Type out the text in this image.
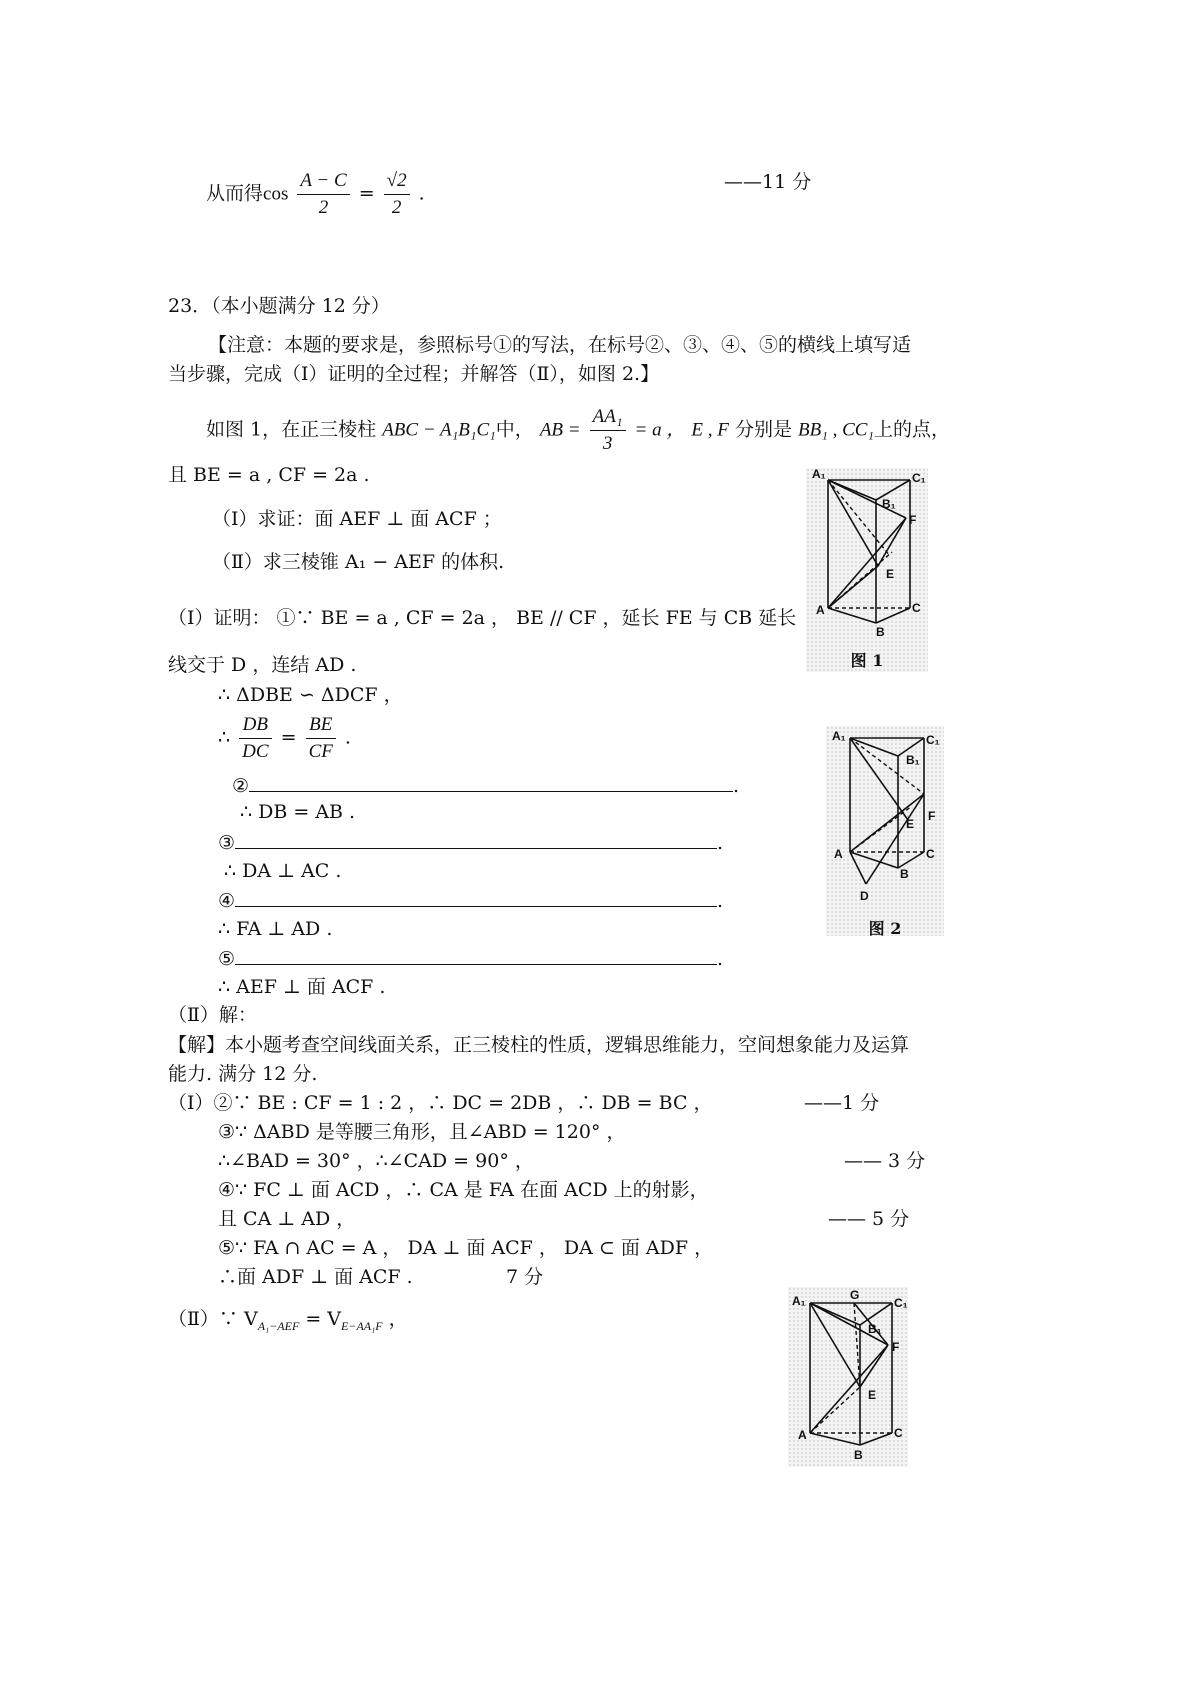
从而得$\cos \frac{A - C}{2} = \frac{√2}{2}$ .
——11 分
23．（本小题满分 12 分）
【注意：本题的要求是，参照标号①的写法，在标号②、③、④、⑤的横线上填写适
当步骤，完成（Ⅰ）证明的全过程；并解答（Ⅱ），如图 2.】
如图 1，在正三棱柱 ABC − A₁B₁C₁中， AB = $\frac{\text{AA₁}}{3} = a$ ， E , F 分别是 BB₁ , CC₁上的点，
且 BE = a , CF = 2a .
（Ⅰ）求证：面 AEF ⊥ 面 ACF ；
（Ⅱ）求三棱锥 A₁ − AEF 的体积.
（Ⅰ）证明： ①∵ BE = a , CF = 2a ， BE // CF ，延长 FE 与 CB 延长
线交于 D ，连结 AD .
∴ ΔDBE ∽ ΔDCF ，
∴ $\frac{DB}{DC} = \frac{BE}{CF}$ .
②	.
∴ DB = AB .
③	.
∴ DA ⊥ AC .
④	.
∴ FA ⊥ AD .
⑤	.
∴ AEF ⊥ 面 ACF .
（Ⅱ）解：
【解】本小题考查空间线面关系，正三棱柱的性质，逻辑思维能力，空间想象能力及运算
能力. 满分 12 分.
（Ⅰ）②∵ BE : CF = 1 : 2 ，∴ DC = 2DB ，∴ DB = BC ，	——1 分
③∵ ΔABD 是等腰三角形，且∠ABD = 120° ，
∴∠BAD = 30° ，∴∠CAD = 90° ，	—— 3 分
④∵ FC ⊥ 面 ACD ，∴ CA 是 FA 在面 ACD 上的射影，
且 CA ⊥ AD ，	—— 5 分
⑤∵ FA ∩ AC = A ， DA ⊥ 面 ACF ， DA ⊂ 面 ADF ，
∴面 ADF ⊥ 面 ACF .	7 分
（Ⅱ）∵ $V_{A_1-AEF} = V_{E-AA_1F}$ ，
A₁	C₁
B₁
F
E
A	C
B
图 1
A₁	C₁
B₁
F
E
A	C
B
D
图 2
A₁	G
C₁
B₁
F
E
A	C
B
